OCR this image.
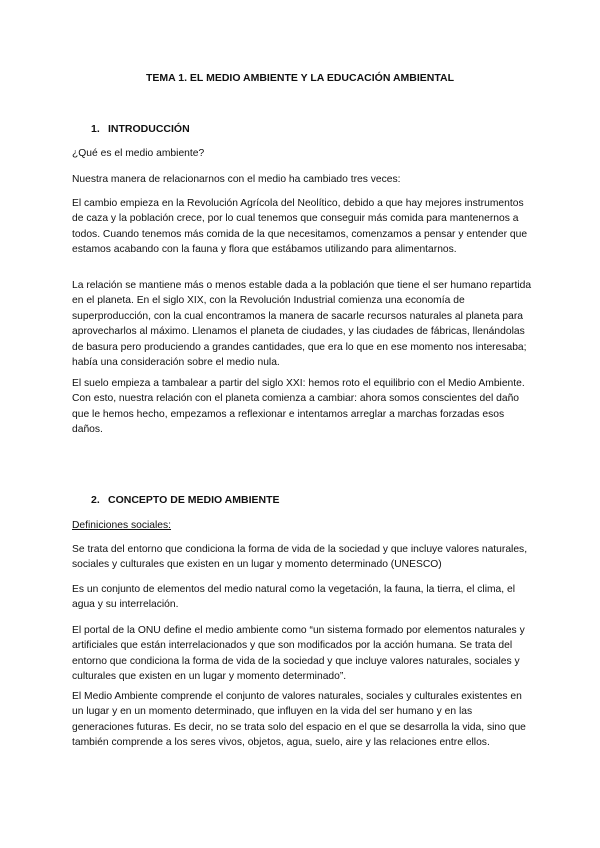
TEMA 1. EL MEDIO AMBIENTE Y LA EDUCACIÓN AMBIENTAL
1. INTRODUCCIÓN

¿Qué es el medio ambiente?

Nuestra manera de relacionarnos con el medio ha cambiado tres veces:

El cambio empieza en la Revolución Agrícola del Neolítico, debido a que hay mejores instrumentos de caza y la población crece, por lo cual tenemos que conseguir más comida para mantenernos a todos. Cuando tenemos más comida de la que necesitamos, comenzamos a pensar y entender que estamos acabando con la fauna y flora que estábamos utilizando para alimentarnos.

La relación se mantiene más o menos estable dada a la población que tiene el ser humano repartida en el planeta. En el siglo XIX, con la Revolución Industrial comienza una economía de superproducción, con la cual encontramos la manera de sacarle recursos naturales al planeta para aprovecharlos al máximo. Llenamos el planeta de ciudades, y las ciudades de fábricas, llenándolas de basura pero produciendo a grandes cantidades, que era lo que en ese momento nos interesaba; había una consideración sobre el medio nula.

El suelo empieza a tambalear a partir del siglo XXI: hemos roto el equilibrio con el Medio Ambiente. Con esto, nuestra relación con el planeta comienza a cambiar: ahora somos conscientes del daño que le hemos hecho, empezamos a reflexionar e intentamos arreglar a marchas forzadas esos daños.

2. CONCEPTO DE MEDIO AMBIENTE

Definiciones sociales:

Se trata del entorno que condiciona la forma de vida de la sociedad y que incluye valores naturales, sociales y culturales que existen en un lugar y momento determinado (UNESCO)

Es un conjunto de elementos del medio natural como la vegetación, la fauna, la tierra, el clima, el agua y su interrelación.

El portal de la ONU define el medio ambiente como “un sistema formado por elementos naturales y artificiales que están interrelacionados y que son modificados por la acción humana. Se trata del entorno que condiciona la forma de vida de la sociedad y que incluye valores naturales, sociales y culturales que existen en un lugar y momento determinado”.

El Medio Ambiente comprende el conjunto de valores naturales, sociales y culturales existentes en un lugar y en un momento determinado, que influyen en la vida del ser humano y en las generaciones futuras. Es decir, no se trata solo del espacio en el que se desarrolla la vida, sino que también comprende a los seres vivos, objetos, agua, suelo, aire y las relaciones entre ellos.
